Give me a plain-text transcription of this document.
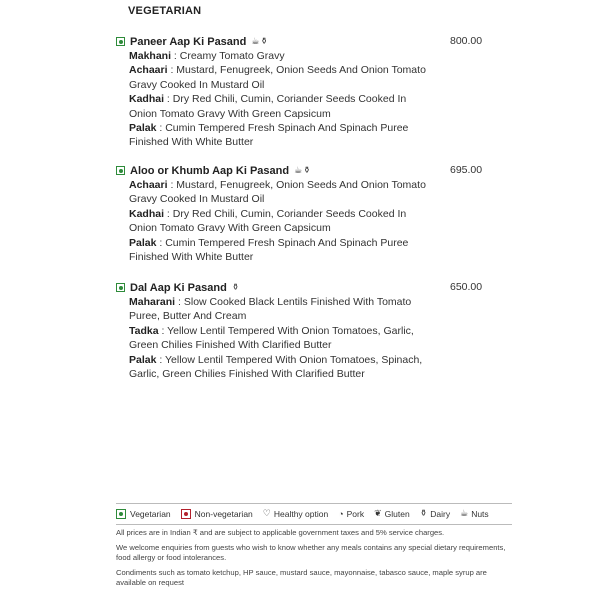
VEGETARIAN
Paneer Aap Ki Pasand ☕⚱	800.00
Makhani : Creamy Tomato Gravy
Achaari : Mustard, Fenugreek, Onion Seeds And Onion Tomato Gravy Cooked In Mustard Oil
Kadhai : Dry Red Chili, Cumin, Coriander Seeds Cooked In Onion Tomato Gravy With Green Capsicum
Palak : Cumin Tempered Fresh Spinach And Spinach Puree Finished With White Butter
Aloo or Khumb Aap Ki Pasand ☕⚱	695.00
Achaari : Mustard, Fenugreek, Onion Seeds And Onion Tomato Gravy Cooked In Mustard Oil
Kadhai : Dry Red Chili, Cumin, Coriander Seeds Cooked In Onion Tomato Gravy With Green Capsicum
Palak : Cumin Tempered Fresh Spinach And Spinach Puree Finished With White Butter
Dal Aap Ki Pasand ⚱	650.00
Maharani : Slow Cooked Black Lentils Finished With Tomato Puree, Butter And Cream
Tadka : Yellow Lentil Tempered With Onion Tomatoes, Garlic, Green Chilies Finished With Clarified Butter
Palak : Yellow Lentil Tempered With Onion Tomatoes, Spinach, Garlic, Green Chilies Finished With Clarified Butter
Vegetarian	Non-vegetarian ♡ Healthy option ◔ Pork ❦ Gluten ⚱ Dairy ☕ Nuts

All prices are in Indian ₹ and are subject to applicable government taxes and 5% service charges.

We welcome enquiries from guests who wish to know whether any meals contains any special dietary requirements, food allergy or food intolerances.

Condiments such as tomato ketchup, HP sauce, mustard sauce, mayonnaise, tabasco sauce, maple syrup are available on request
